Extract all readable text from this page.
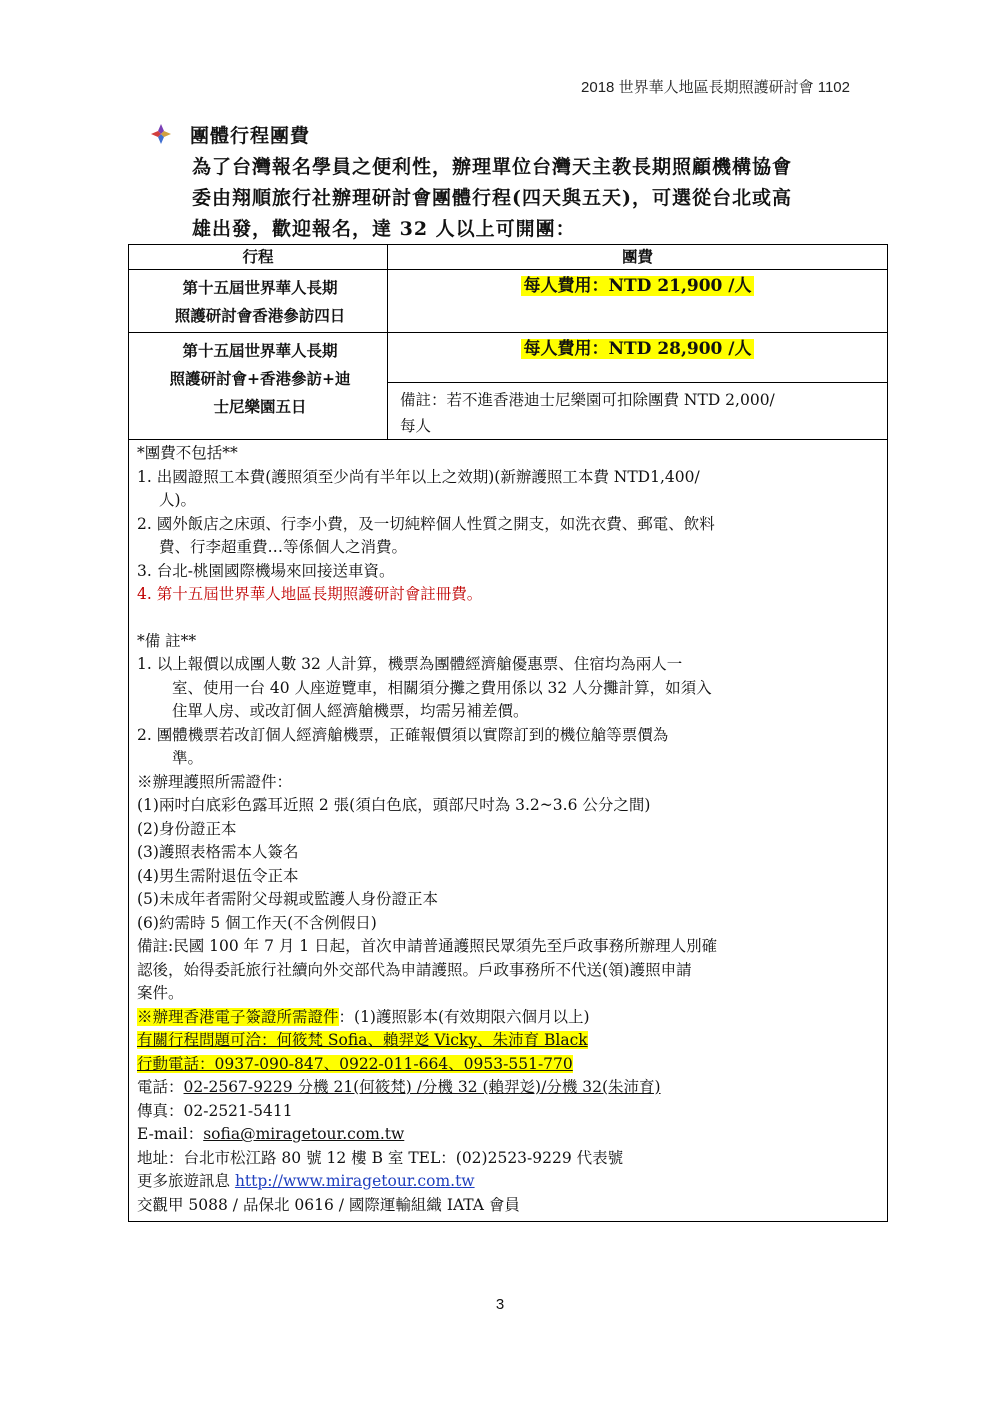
2018 世界華人地區長期照護研討會 1102
團體行程團費
為了台灣報名學員之便利性，辦理單位台灣天主教長期照顧機構協會
委由翔順旅行社辦理研討會團體行程(四天與五天)，可選從台北或高
雄出發，歡迎報名，達 32 人以上可開團：
行程	團費
第十五屆世界華人長期
照護研討會香港參訪四日
每人費用：NTD 21,900 /人
第十五屆世界華人長期
照護研討會+香港參訪+迪
士尼樂園五日
每人費用：NTD 28,900 /人
備註：若不進香港迪士尼樂園可扣除團費 NTD 2,000/
每人
*團費不包括**
1. 出國證照工本費(護照須至少尚有半年以上之效期)(新辦護照工本費 NTD1,400/
人)。
2. 國外飯店之床頭、行李小費，及一切純粹個人性質之開支，如洗衣費、郵電、飲料
費、行李超重費…等係個人之消費。
3. 台北-桃園國際機場來回接送車資。
4. 第十五屆世界華人地區長期照護研討會註冊費。
*備 註**
1. 以上報價以成團人數 32 人計算，機票為團體經濟艙優惠票、住宿均為兩人一
室、使用一台 40 人座遊覽車，相關須分攤之費用係以 32 人分攤計算，如須入
住單人房、或改訂個人經濟艙機票，均需另補差價。
2. 團體機票若改訂個人經濟艙機票，正確報價須以實際訂到的機位艙等票價為
準。
※辦理護照所需證件：
(1)兩吋白底彩色露耳近照 2 張(須白色底，頭部尺吋為 3.2~3.6 公分之間)
(2)身份證正本
(3)護照表格需本人簽名
(4)男生需附退伍令正本
(5)未成年者需附父母親或監護人身份證正本
(6)約需時 5 個工作天(不含例假日)
備註:民國 100 年 7 月 1 日起，首次申請普通護照民眾須先至戶政事務所辦理人別確
認後，始得委託旅行社續向外交部代為申請護照。戶政事務所不代送(領)護照申請
案件。
※辦理香港電子簽證所需證件：(1)護照影本(有效期限六個月以上)
有關行程問題可洽：何筱梵 Sofia、賴羿彣 Vicky、朱沛育 Black
行動電話：0937-090-847、0922-011-664、0953-551-770
電話：02-2567-9229 分機 21(何筱梵) /分機 32 (賴羿彣)/分機 32(朱沛育)
傳真：02-2521-5411
E-mail：sofia@miragetour.com.tw
地址：台北市松江路 80 號 12 樓 B 室 TEL：(02)2523-9229 代表號
更多旅遊訊息 http://www.miragetour.com.tw
交觀甲 5088 / 品保北 0616 / 國際運輸組織 IATA 會員
3
